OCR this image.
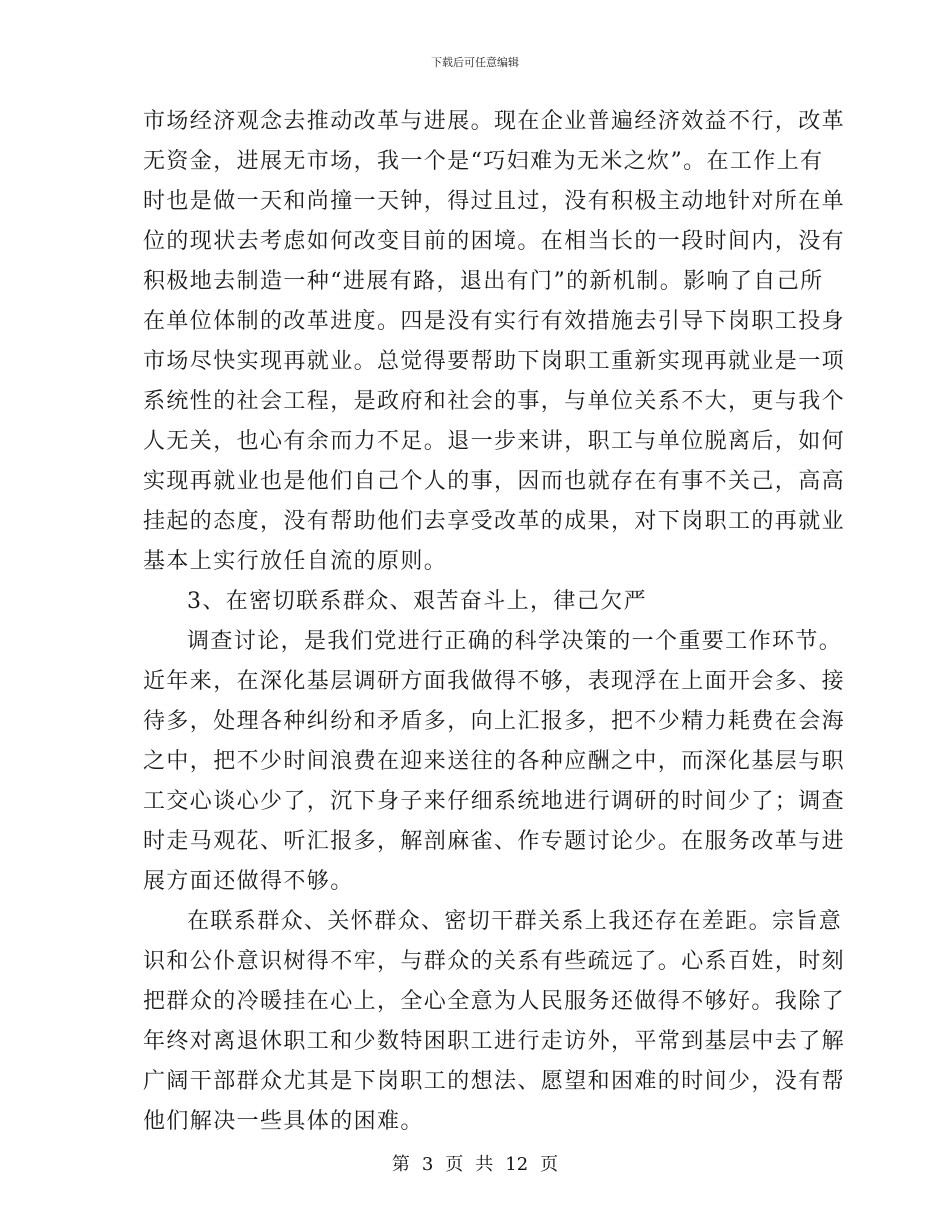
下载后可任意编辑
市场经济观念去推动改革与进展。现在企业普遍经济效益不行，改革
无资金，进展无市场，我一个是“巧妇难为无米之炊”。在工作上有
时也是做一天和尚撞一天钟，得过且过，没有积极主动地针对所在单
位的现状去考虑如何改变目前的困境。在相当长的一段时间内，没有
积极地去制造一种“进展有路，退出有门”的新机制。影响了自己所
在单位体制的改革进度。四是没有实行有效措施去引导下岗职工投身
市场尽快实现再就业。总觉得要帮助下岗职工重新实现再就业是一项
系统性的社会工程，是政府和社会的事，与单位关系不大，更与我个
人无关，也心有余而力不足。退一步来讲，职工与单位脱离后，如何
实现再就业也是他们自己个人的事，因而也就存在有事不关己，高高
挂起的态度，没有帮助他们去享受改革的成果，对下岗职工的再就业
基本上实行放任自流的原则。
3、在密切联系群众、艰苦奋斗上，律己欠严
调查讨论，是我们党进行正确的科学决策的一个重要工作环节。
近年来，在深化基层调研方面我做得不够，表现浮在上面开会多、接
待多，处理各种纠纷和矛盾多，向上汇报多，把不少精力耗费在会海
之中，把不少时间浪费在迎来送往的各种应酬之中，而深化基层与职
工交心谈心少了，沉下身子来仔细系统地进行调研的时间少了；调查
时走马观花、听汇报多，解剖麻雀、作专题讨论少。在服务改革与进
展方面还做得不够。
在联系群众、关怀群众、密切干群关系上我还存在差距。宗旨意
识和公仆意识树得不牢，与群众的关系有些疏远了。心系百姓，时刻
把群众的冷暖挂在心上，全心全意为人民服务还做得不够好。我除了
年终对离退休职工和少数特困职工进行走访外，平常到基层中去了解
广阔干部群众尤其是下岗职工的想法、愿望和困难的时间少，没有帮
他们解决一些具体的困难。
第 3 页 共 12 页
